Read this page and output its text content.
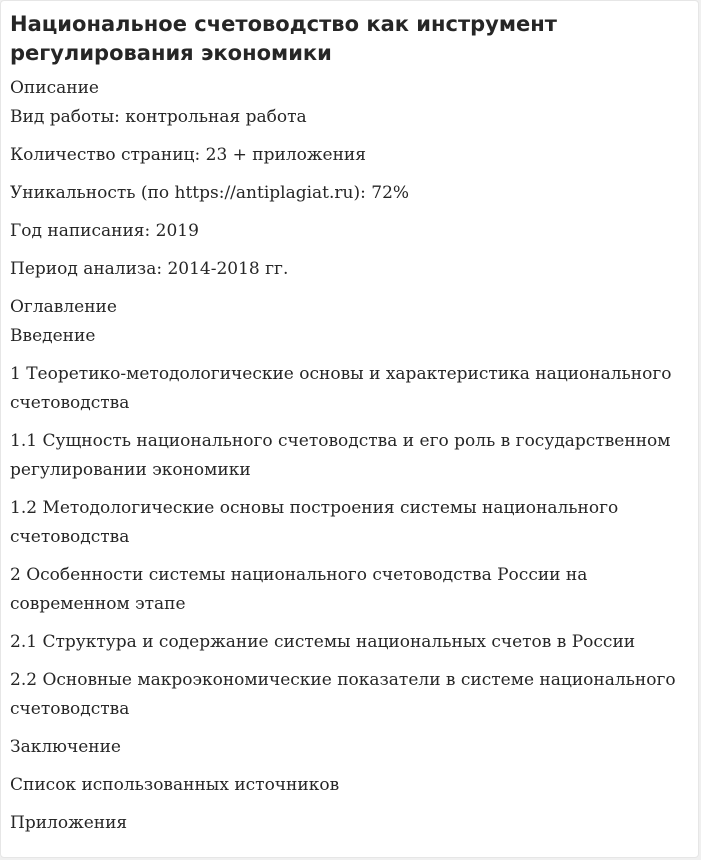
Национальное счетоводство как инструмент регулирования экономики
Описание
Вид работы: контрольная работа
Количество страниц: 23 + приложения
Уникальность (по https://antiplagiat.ru): 72%
Год написания: 2019
Период анализа: 2014-2018 гг.
Оглавление
Введение
1 Теоретико-методологические основы и характеристика национального счетоводства
1.1 Сущность национального счетоводства и его роль в государственном регулировании экономики
1.2 Методологические основы построения системы национального счетоводства
2 Особенности системы национального счетоводства России на современном этапе
2.1 Структура и содержание системы национальных счетов в России
2.2 Основные макроэкономические показатели в системе национального счетоводства
Заключение
Список использованных источников
Приложения
